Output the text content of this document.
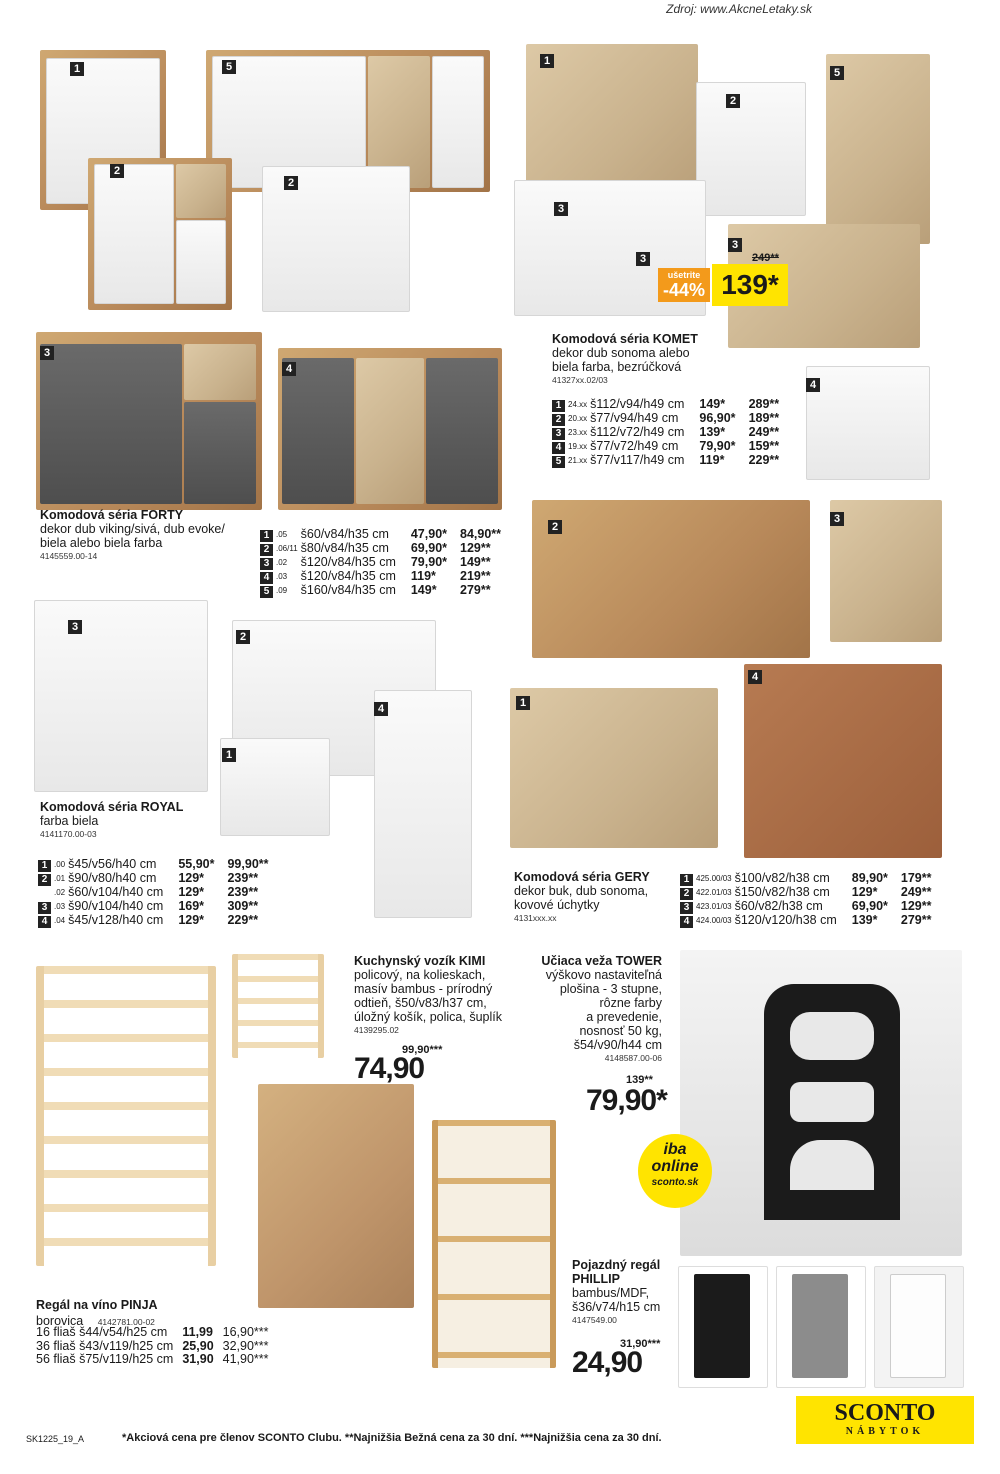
Zdroj: www.AkcneLetaky.sk
1	5
2
2
3
4
Komodová séria FORTY
dekor dub viking/sivá, dub evoke/
biela alebo biela farba
4145559.00-14
1	.05	š60/v84/h35 cm	47,90*	84,90**
2	.06/11	š80/v84/h35 cm	69,90*	129**
3	.02	š120/v84/h35 cm	79,90*	149**
4	.03	š120/v84/h35 cm	119*	219**
5	.09	š160/v84/h35 cm	149*	279**
1
2
5
3
3
3
249**
ušetrite
-44% 139*
Komodová séria KOMET
dekor dub sonoma alebo
biela farba, bezrúčková
41327xx.02/03	4
1	24.xx	š112/v94/h49 cm	149*	289**
2	20.xx	š77/v94/h49 cm	96,90*	189**
3	23.xx	š112/v72/h49 cm	139*	249**
4	19.xx	š77/v72/h49 cm	79,90*	159**
5	21.xx	š77/v117/h49 cm	119*	229**
3
2
1
4
Komodová séria ROYAL
farba biela
4141170.00-03
1	.00	š45/v56/h40 cm	55,90*	99,90**
2	.01	š90/v80/h40 cm	129*	239**
	.02	š60/v104/h40 cm	129*	239**
3	.03	š90/v104/h40 cm	169*	309**
4	.04	š45/v128/h40 cm	129*	229**
2
3
1
4
Komodová séria GERY
dekor buk, dub sonoma,
kovové úchytky
4131xxx.xx
1	425.00/03	š100/v82/h38 cm	89,90*	179**
2	422.01/03	š150/v82/h38 cm	129*	249**
3	423.01/03	š60/v82/h38 cm	69,90*	129**
4	424.00/03	š120/v120/h38 cm	139*	279**
Regál na víno PINJA
borovica 4142781.00-02
16 fliaš š44/v54/h25 cm	11,99	16,90***
36 fliaš š43/v119/h25 cm	25,90	32,90***
56 fliaš š75/v119/h25 cm	31,90	41,90***
Kuchynský vozík KIMI
policový, na kolieskach,
masív bambus - prírodný
odtieň, š50/v83/h37 cm,
úložný košík, polica, šuplík
4139295.02
99,90***
74,90
Učiaca veža TOWER
výškovo nastaviteľná
plošina - 3 stupne,
rôzne farby
a prevedenie,
nosnosť 50 kg,
š54/v90/h44 cm
4148587.00-06
139**
79,90*
iba
online
sconto.sk
Pojazdný regál
PHILLIP
bambus/MDF,
š36/v74/h15 cm
4147549.00
31,90***
24,90
SK1225_19_A	*Akciová cena pre členov SCONTO Clubu. **Najnižšia Bežná cena za 30 dní. ***Najnižšia cena za 30 dní.
SCONTO
NÁBYTOK
